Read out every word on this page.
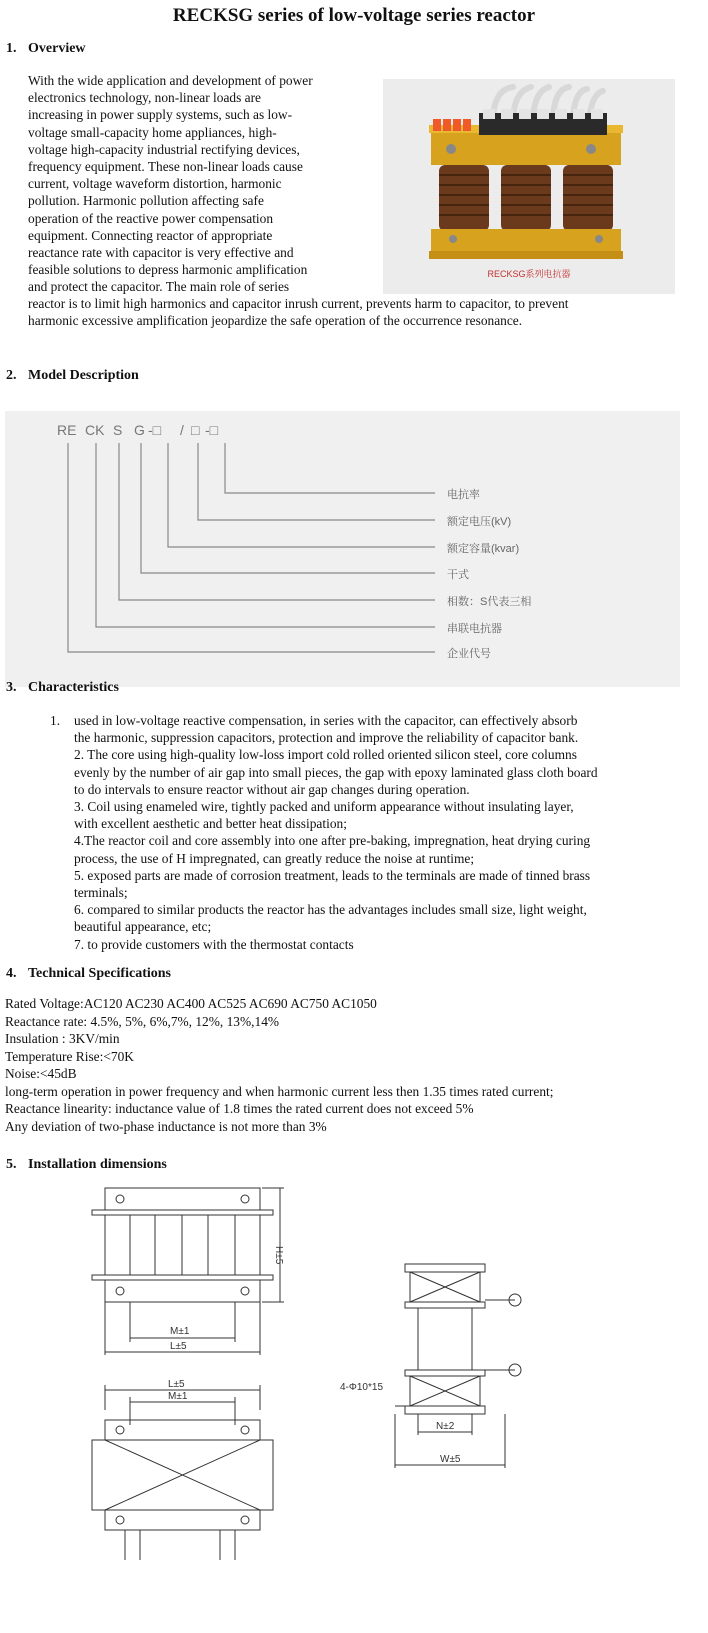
RECKSG series of low-voltage series reactor
1. Overview
With the wide application and development of power
electronics technology, non-linear loads are
increasing in power supply systems, such as low-
voltage small-capacity home appliances, high-
voltage high-capacity industrial rectifying devices,
frequency equipment. These non-linear loads cause
current, voltage waveform distortion, harmonic
pollution. Harmonic pollution affecting safe
operation of the reactive power compensation
equipment. Connecting reactor of appropriate
reactance rate with capacitor is very effective and
feasible solutions to depress harmonic amplification
and protect the capacitor. The main role of series
reactor is to limit high harmonics and capacitor inrush current, prevents harm to capacitor, to prevent
harmonic excessive amplification jeopardize the safe operation of the occurrence resonance.
RECKSG系列电抗器
2. Model Description
RE CK S G -□ / □ -□
电抗率
额定电压(kV)
额定容量(kvar)
干式
相数：S代表三相
串联电抗器
企业代号
3. Characteristics
1. used in low-voltage reactive compensation, in series with the capacitor, can effectively absorb
the harmonic, suppression capacitors, protection and improve the reliability of capacitor bank.
2. The core using high-quality low-loss import cold rolled oriented silicon steel, core columns
evenly by the number of air gap into small pieces, the gap with epoxy laminated glass cloth board
to do intervals to ensure reactor without air gap changes during operation.
3. Coil using enameled wire, tightly packed and uniform appearance without insulating layer,
with excellent aesthetic and better heat dissipation;
4.The reactor coil and core assembly into one after pre-baking, impregnation, heat drying curing
process, the use of H impregnated, can greatly reduce the noise at runtime;
5. exposed parts are made of corrosion treatment, leads to the terminals are made of tinned brass
terminals;
6. compared to similar products the reactor has the advantages includes small size, light weight,
beautiful appearance, etc;
7. to provide customers with the thermostat contacts
4. Technical Specifications
Rated Voltage:AC120 AC230 AC400 AC525 AC690 AC750 AC1050
Reactance rate: 4.5%, 5%, 6%,7%, 12%, 13%,14%
Insulation : 3KV/min
Temperature Rise:<70K
Noise:<45dB
long-term operation in power frequency and when harmonic current less then 1.35 times rated current;
Reactance linearity: inductance value of 1.8 times the rated current does not exceed 5%
Any deviation of two-phase inductance is not more than 3%
5. Installation dimensions
H±5
M±1
L±5
L±5
M±1
4-Φ10*15
N±2
W±5
